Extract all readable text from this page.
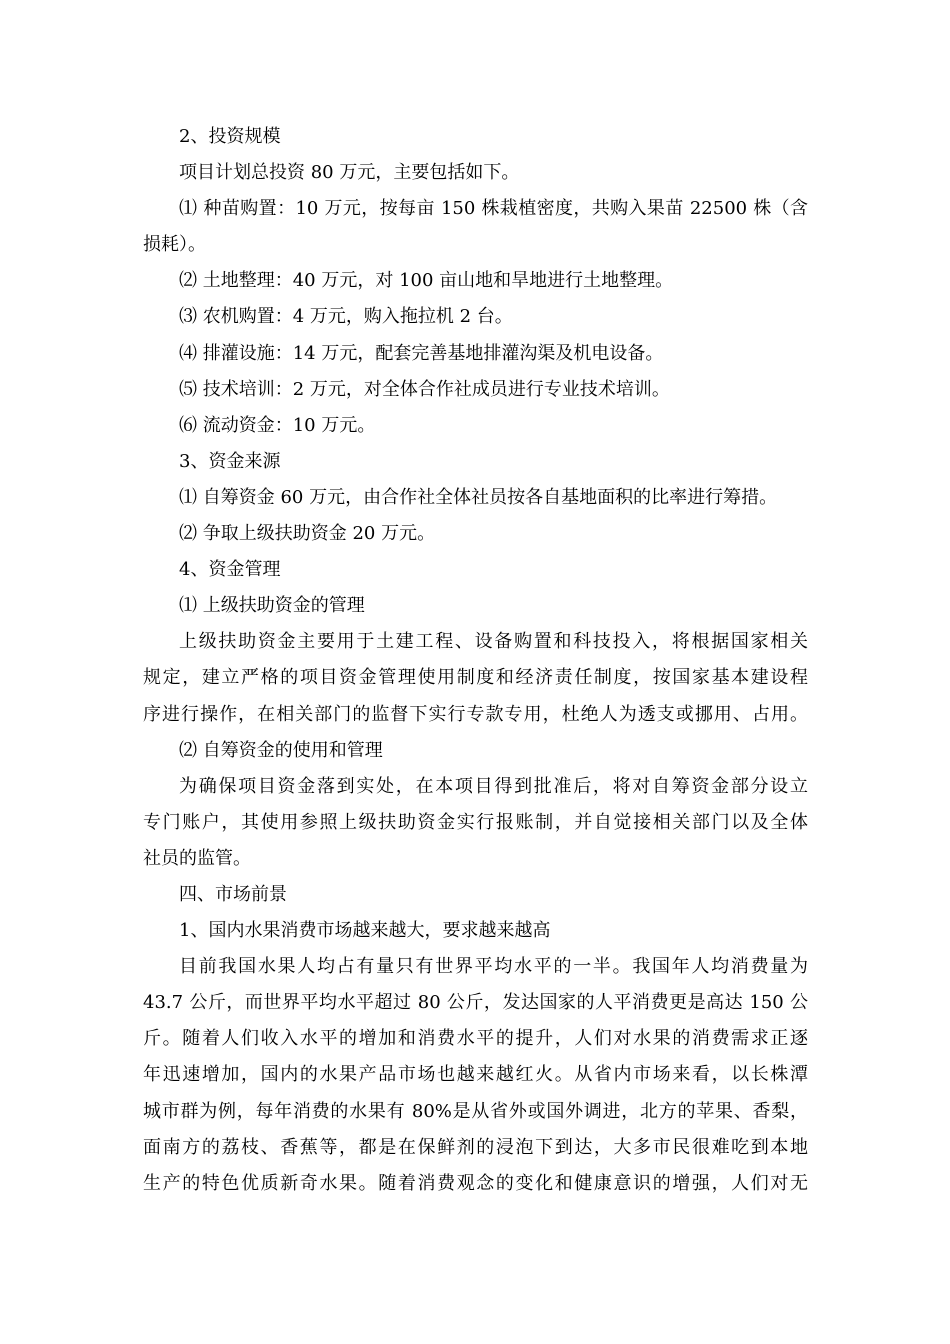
2、投资规模
项目计划总投资 80 万元，主要包括如下。
⑴ 种苗购置：10 万元，按每亩 150 株栽植密度，共购入果苗 22500 株（含
损耗）。
⑵ 土地整理：40 万元，对 100 亩山地和旱地进行土地整理。
⑶ 农机购置：4 万元，购入拖拉机 2 台。
⑷ 排灌设施：14 万元，配套完善基地排灌沟渠及机电设备。
⑸ 技术培训：2 万元，对全体合作社成员进行专业技术培训。
⑹ 流动资金：10 万元。
3、资金来源
⑴ 自筹资金 60 万元，由合作社全体社员按各自基地面积的比率进行筹措。
⑵ 争取上级扶助资金 20 万元。
4、资金管理
⑴ 上级扶助资金的管理
上级扶助资金主要用于土建工程、设备购置和科技投入，将根据国家相关
规定，建立严格的项目资金管理使用制度和经济责任制度，按国家基本建设程
序进行操作，在相关部门的监督下实行专款专用，杜绝人为透支或挪用、占用。
⑵ 自筹资金的使用和管理
为确保项目资金落到实处，在本项目得到批准后，将对自筹资金部分设立
专门账户，其使用参照上级扶助资金实行报账制，并自觉接相关部门以及全体
社员的监管。
四、市场前景
1、国内水果消费市场越来越大，要求越来越高
目前我国水果人均占有量只有世界平均水平的一半。我国年人均消费量为
43.7 公斤，而世界平均水平超过 80 公斤，发达国家的人平消费更是高达 150 公
斤。随着人们收入水平的增加和消费水平的提升，人们对水果的消费需求正逐
年迅速增加，国内的水果产品市场也越来越红火。从省内市场来看，以长株潭
城市群为例，每年消费的水果有 80%是从省外或国外调进，北方的苹果、香梨，
面南方的荔枝、香蕉等，都是在保鲜剂的浸泡下到达，大多市民很难吃到本地
生产的特色优质新奇水果。随着消费观念的变化和健康意识的增强，人们对无
